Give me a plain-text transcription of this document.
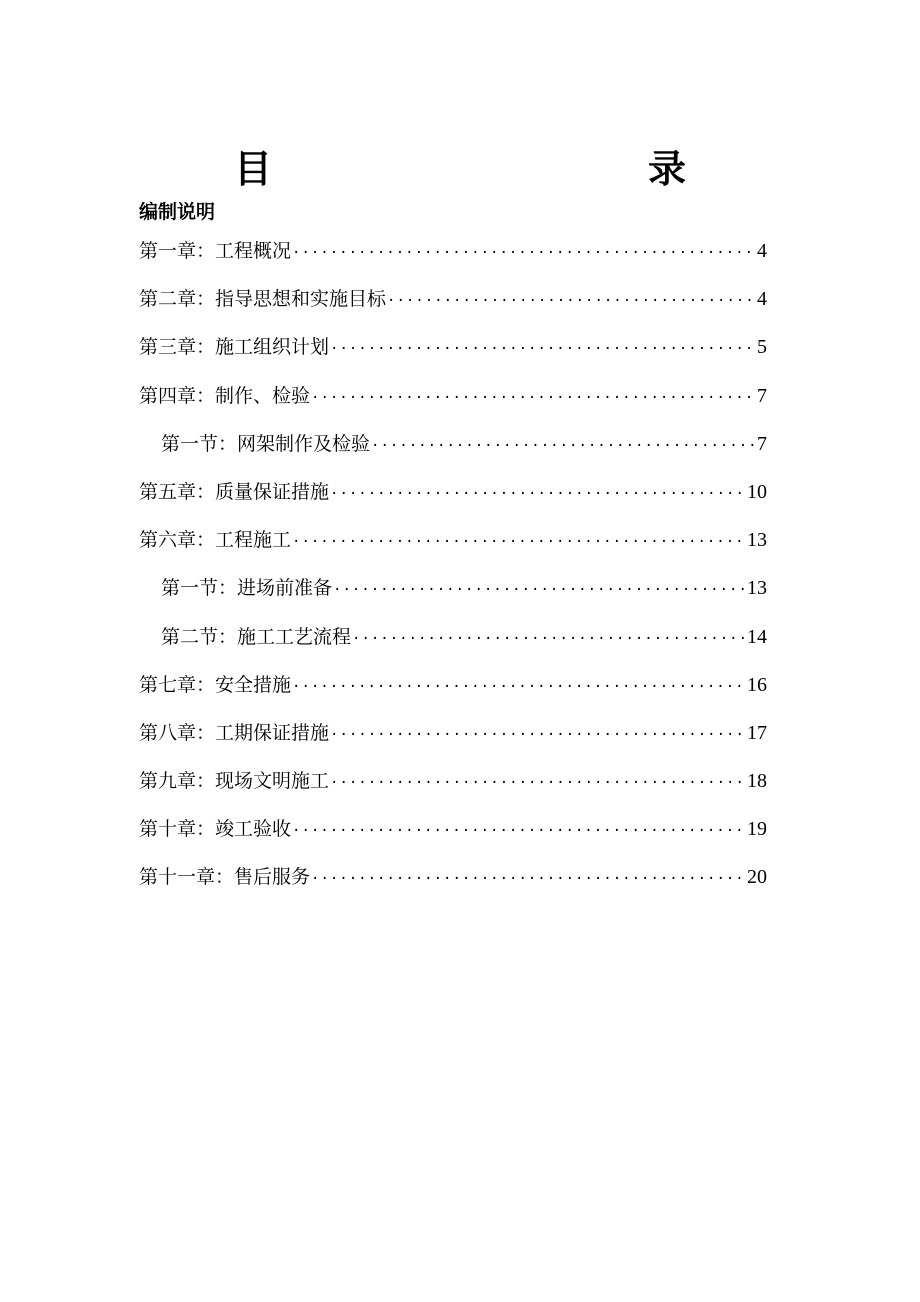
目　　录
编制说明
第一章：工程概况 ·····	4
第二章：指导思想和实施目标 ·····	4
第三章：施工组织计划 ·····	5
第四章：制作、检验 ·····	7
第一节：网架制作及检验 ·····	7
第五章：质量保证措施 ·····	10
第六章：工程施工 ·····	13
第一节：进场前准备 ·····	13
第二节：施工工艺流程 ·····	14
第七章：安全措施 ·····	16
第八章：工期保证措施 ·····	17
第九章：现场文明施工 ·····	18
第十章：竣工验收 ·····	19
第十一章：售后服务 ·····	20
